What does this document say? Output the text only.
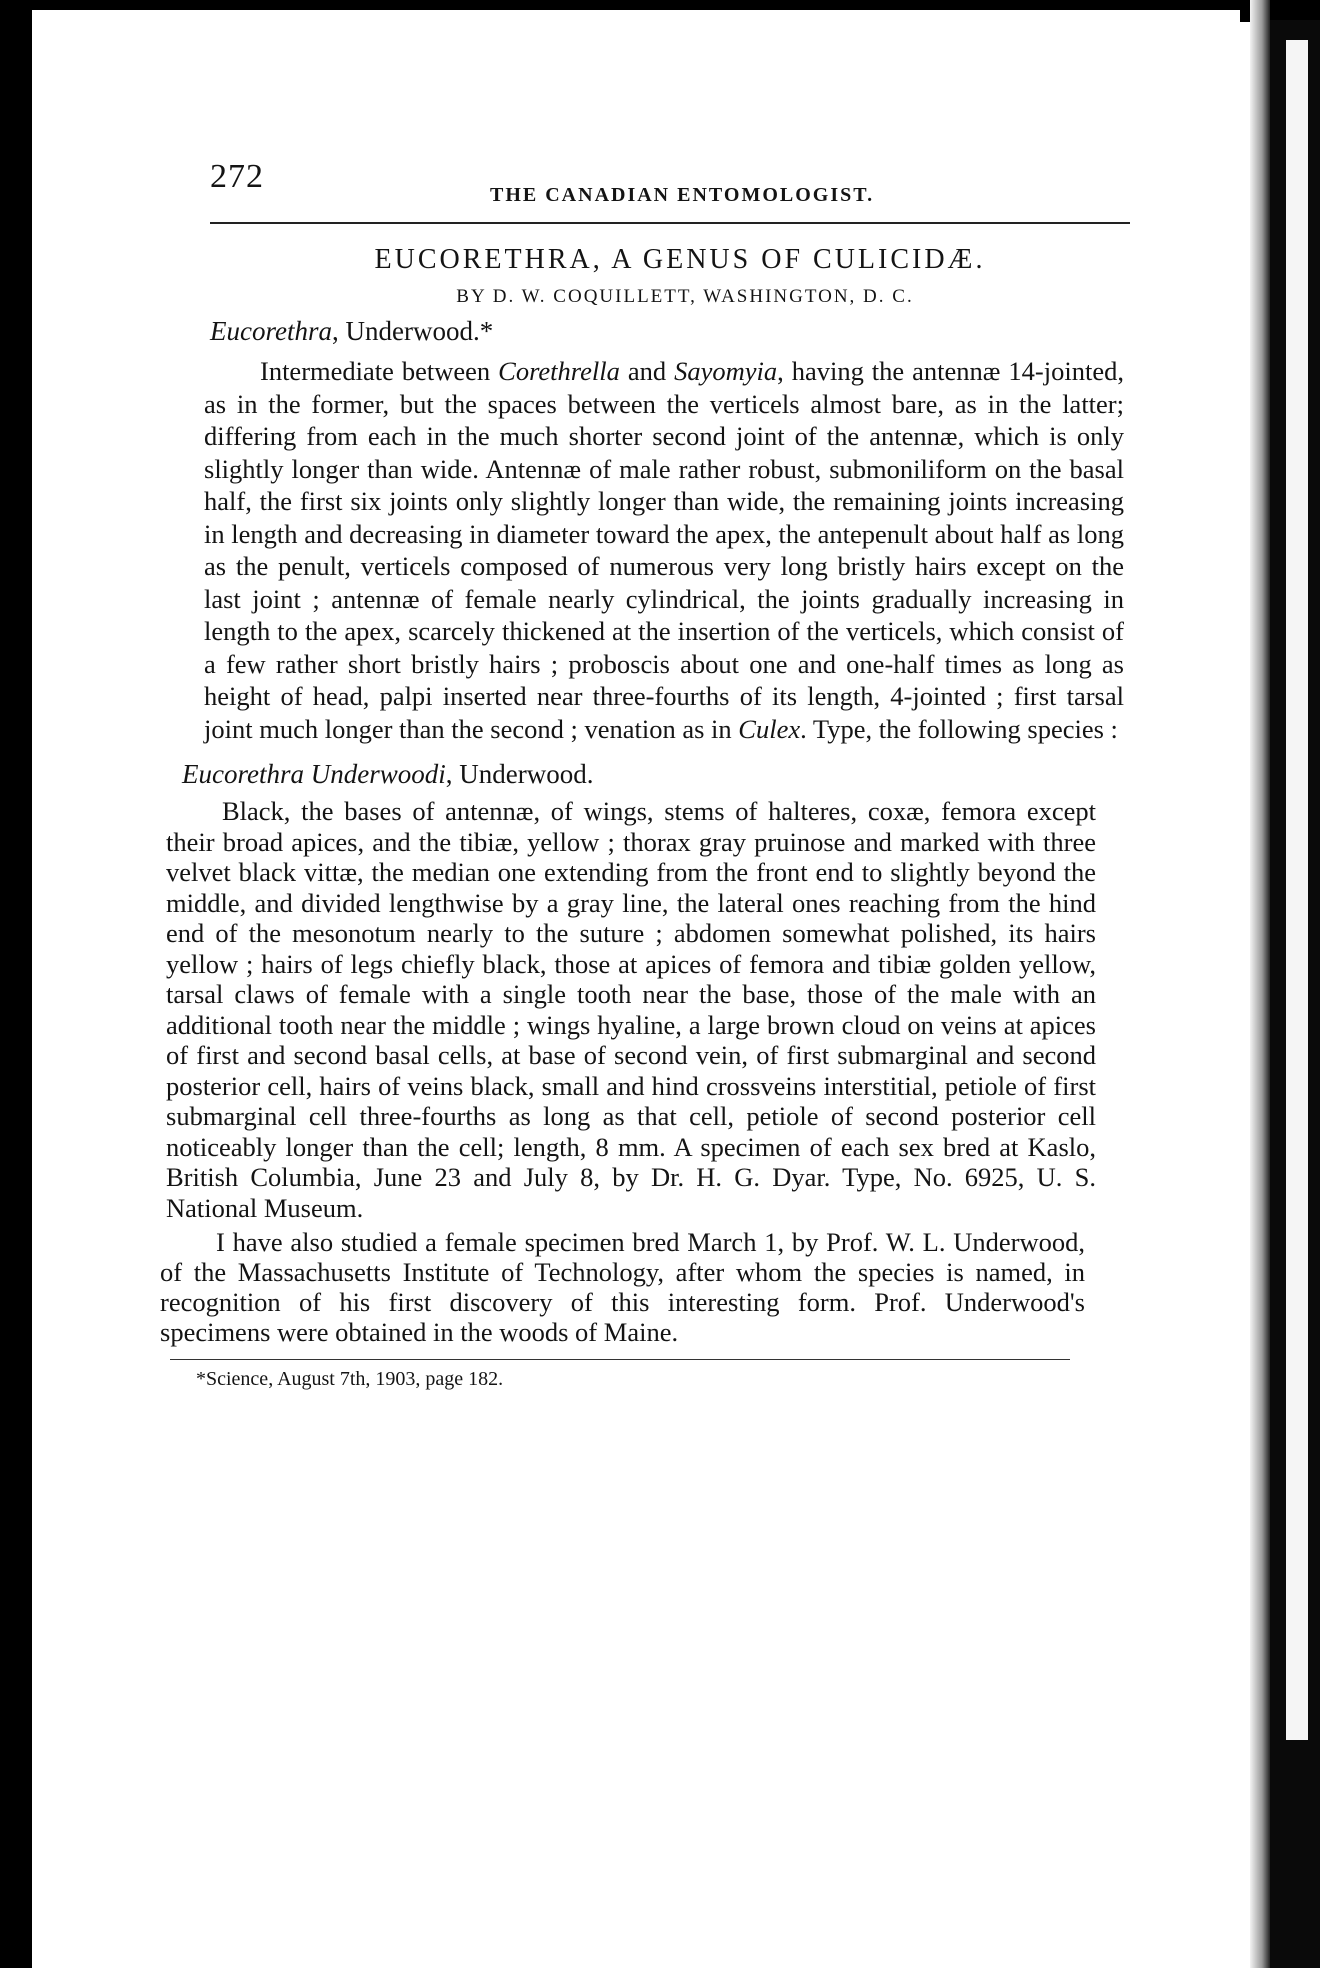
272	THE CANADIAN ENTOMOLOGIST.
EUCORETHRA, A GENUS OF CULICIDÆ.
BY D. W. COQUILLETT, WASHINGTON, D. C.
Eucorethra, Underwood.*

Intermediate between Corethrella and Sayomyia, having the antennæ 14-jointed, as in the former, but the spaces between the verticels almost bare, as in the latter; differing from each in the much shorter second joint of the antennæ, which is only slightly longer than wide. Antennæ of male rather robust, submoniliform on the basal half, the first six joints only slightly longer than wide, the remaining joints increasing in length and decreasing in diameter toward the apex, the antepenult about half as long as the penult, verticels composed of numerous very long bristly hairs except on the last joint ; antennæ of female nearly cylindrical, the joints gradually increasing in length to the apex, scarcely thickened at the insertion of the verticels, which consist of a few rather short bristly hairs ; proboscis about one and one-half times as long as height of head, palpi inserted near three-fourths of its length, 4-jointed ; first tarsal joint much longer than the second ; venation as in Culex. Type, the following species :

Eucorethra Underwoodi, Underwood.

Black, the bases of antennæ, of wings, stems of halteres, coxæ, femora except their broad apices, and the tibiæ, yellow ; thorax gray pruinose and marked with three velvet black vittæ, the median one extending from the front end to slightly beyond the middle, and divided lengthwise by a gray line, the lateral ones reaching from the hind end of the mesonotum nearly to the suture ; abdomen somewhat polished, its hairs yellow ; hairs of legs chiefly black, those at apices of femora and tibiæ golden yellow, tarsal claws of female with a single tooth near the base, those of the male with an additional tooth near the middle ; wings hyaline, a large brown cloud on veins at apices of first and second basal cells, at base of second vein, of first submarginal and second posterior cell, hairs of veins black, small and hind crossveins interstitial, petiole of first submarginal cell three-fourths as long as that cell, petiole of second posterior cell noticeably longer than the cell; length, 8 mm. A specimen of each sex bred at Kaslo, British Columbia, June 23 and July 8, by Dr. H. G. Dyar. Type, No. 6925, U. S. National Museum.

I have also studied a female specimen bred March 1, by Prof. W. L. Underwood, of the Massachusetts Institute of Technology, after whom the species is named, in recognition of his first discovery of this interesting form. Prof. Underwood's specimens were obtained in the woods of Maine.

*Science, August 7th, 1903, page 182.
